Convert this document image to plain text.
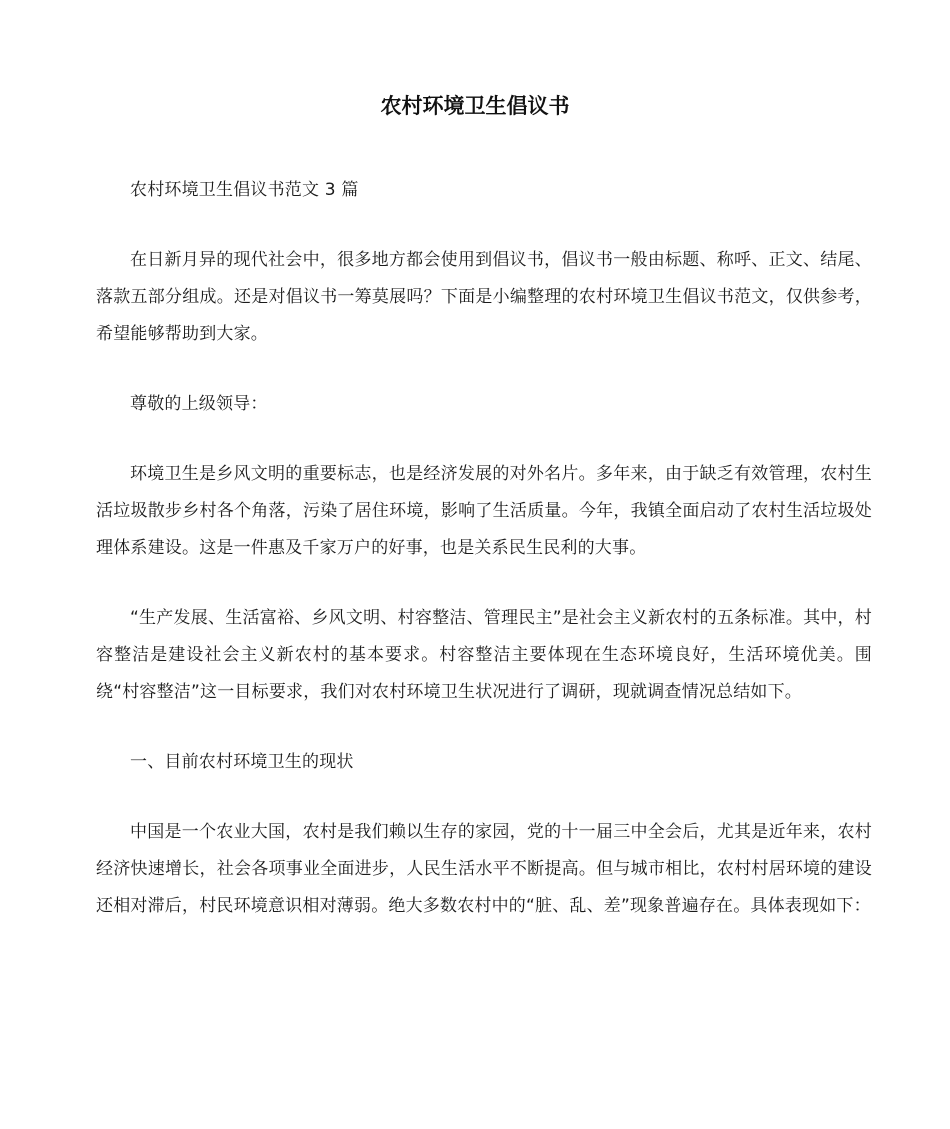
农村环境卫生倡议书

农村环境卫生倡议书范文 3 篇

在日新月异的现代社会中，很多地方都会使用到倡议书，倡议书一般由标题、称呼、正文、结尾、落款五部分组成。还是对倡议书一筹莫展吗？下面是小编整理的农村环境卫生倡议书范文，仅供参考，希望能够帮助到大家。

尊敬的上级领导：

环境卫生是乡风文明的重要标志，也是经济发展的对外名片。多年来，由于缺乏有效管理，农村生活垃圾散步乡村各个角落，污染了居住环境，影响了生活质量。今年，我镇全面启动了农村生活垃圾处理体系建设。这是一件惠及千家万户的好事，也是关系民生民利的大事。

“生产发展、生活富裕、乡风文明、村容整洁、管理民主”是社会主义新农村的五条标准。其中，村容整洁是建设社会主义新农村的基本要求。村容整洁主要体现在生态环境良好，生活环境优美。围绕“村容整洁”这一目标要求，我们对农村环境卫生状况进行了调研，现就调查情况总结如下。

一、目前农村环境卫生的现状

中国是一个农业大国，农村是我们赖以生存的家园，党的十一届三中全会后，尤其是近年来，农村经济快速增长，社会各项事业全面进步，人民生活水平不断提高。但与城市相比，农村村居环境的建设还相对滞后，村民环境意识相对薄弱。绝大多数农村中的“脏、乱、差”现象普遍存在。具体表现如下：
